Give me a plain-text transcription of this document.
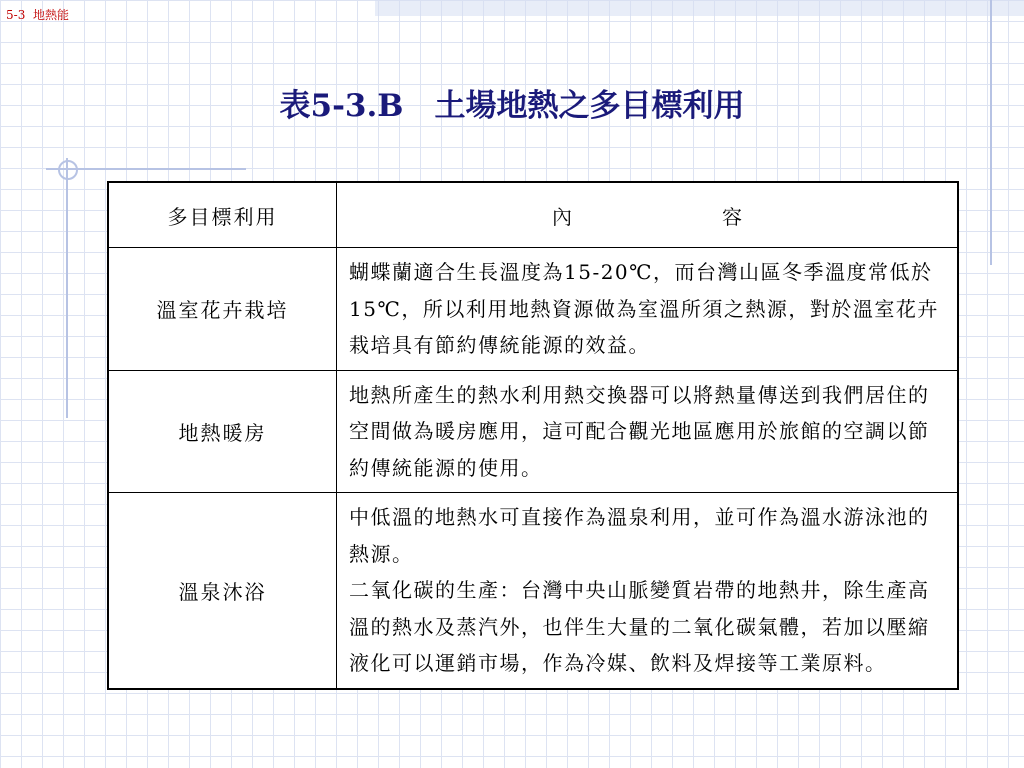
5-3  地熱能
表5-3.B　土場地熱之多目標利用
多目標利用	內 容
溫室花卉栽培	蝴蝶蘭適合生長溫度為15-20℃，而台灣山區冬季溫度常低於15℃，所以利用地熱資源做為室溫所須之熱源，對於溫室花卉栽培具有節約傳統能源的效益。

地熱暖房	地熱所產生的熱水利用熱交換器可以將熱量傳送到我們居住的空間做為暖房應用，這可配合觀光地區應用於旅館的空調以節約傳統能源的使用。

溫泉沐浴	中低溫的地熱水可直接作為溫泉利用，並可作為溫水游泳池的熱源。
二氧化碳的生產：台灣中央山脈變質岩帶的地熱井，除生產高溫的熱水及蒸汽外，也伴生大量的二氧化碳氣體，若加以壓縮液化可以運銷市場，作為冷媒、飲料及焊接等工業原料。
